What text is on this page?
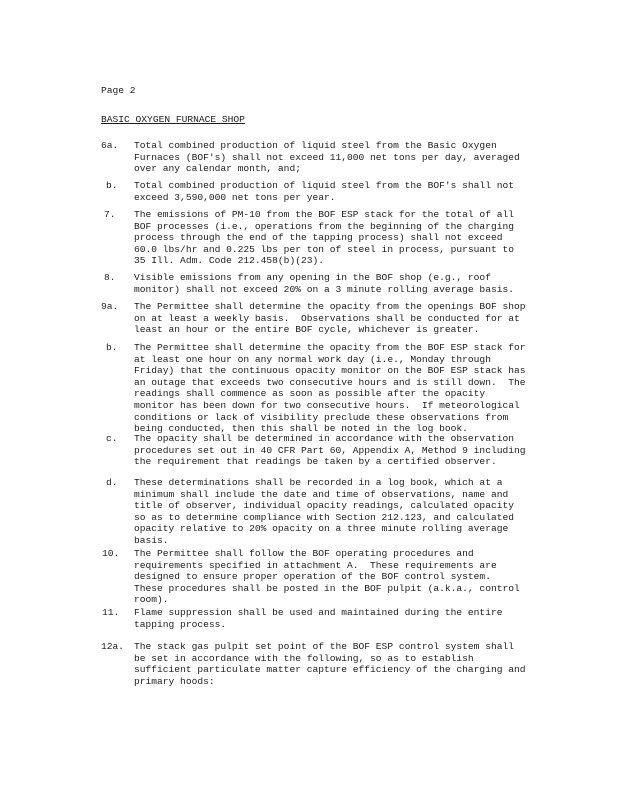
Page 2
BASIC OXYGEN FURNACE SHOP
6a. Total combined production of liquid steel from the Basic Oxygen
Furnaces (BOF's) shall not exceed 11,000 net tons per day, averaged
over any calendar month, and;
b. Total combined production of liquid steel from the BOF's shall not
exceed 3,590,000 net tons per year.
7. The emissions of PM-10 from the BOF ESP stack for the total of all
BOF processes (i.e., operations from the beginning of the charging
process through the end of the tapping process) shall not exceed
60.0 lbs/hr and 0.225 lbs per ton of steel in process, pursuant to
35 Ill. Adm. Code 212.458(b)(23).
8. Visible emissions from any opening in the BOF shop (e.g., roof
monitor) shall not exceed 20% on a 3 minute rolling average basis.
9a. The Permittee shall determine the opacity from the openings BOF shop
on at least a weekly basis.  Observations shall be conducted for at
least an hour or the entire BOF cycle, whichever is greater.
b. The Permittee shall determine the opacity from the BOF ESP stack for
at least one hour on any normal work day (i.e., Monday through
Friday) that the continuous opacity monitor on the BOF ESP stack has
an outage that exceeds two consecutive hours and is still down.  The
readings shall commence as soon as possible after the opacity
monitor has been down for two consecutive hours.  If meteorological
conditions or lack of visibility preclude these observations from
being conducted, then this shall be noted in the log book.
c. The opacity shall be determined in accordance with the observation
procedures set out in 40 CFR Part 60, Appendix A, Method 9 including
the requirement that readings be taken by a certified observer.
d. These determinations shall be recorded in a log book, which at a
minimum shall include the date and time of observations, name and
title of observer, individual opacity readings, calculated opacity
so as to determine compliance with Section 212.123, and calculated
opacity relative to 20% opacity on a three minute rolling average
basis.
10. The Permittee shall follow the BOF operating procedures and
requirements specified in attachment A.  These requirements are
designed to ensure proper operation of the BOF control system.
These procedures shall be posted in the BOF pulpit (a.k.a., control
room).
11. Flame suppression shall be used and maintained during the entire
tapping process.
12a. The stack gas pulpit set point of the BOF ESP control system shall
be set in accordance with the following, so as to establish
sufficient particulate matter capture efficiency of the charging and
primary hoods:
